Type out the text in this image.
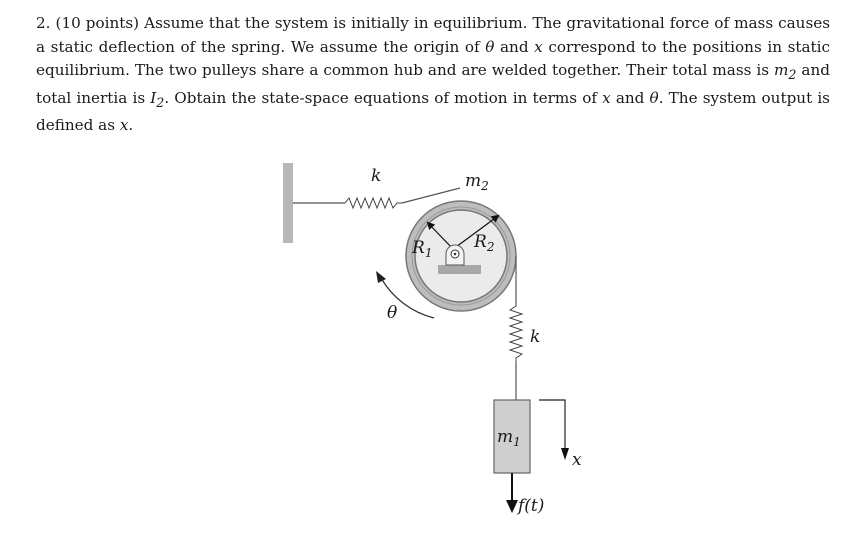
2. (10 points) Assume that the system is initially in equilibrium. The gravitational force of mass causes a static deflection of the spring. We assume the origin of θ and x correspond to the positions in static equilibrium. The two pulleys share a common hub and are welded together. Their total mass is $m_2$ and total inertia is $I_2$. Obtain the state-space equations of motion in terms of x and θ. The system output is defined as x.

k	$m_2$
$R_1$
$R_2$
θ
k
$m_1$
x
f(t)
